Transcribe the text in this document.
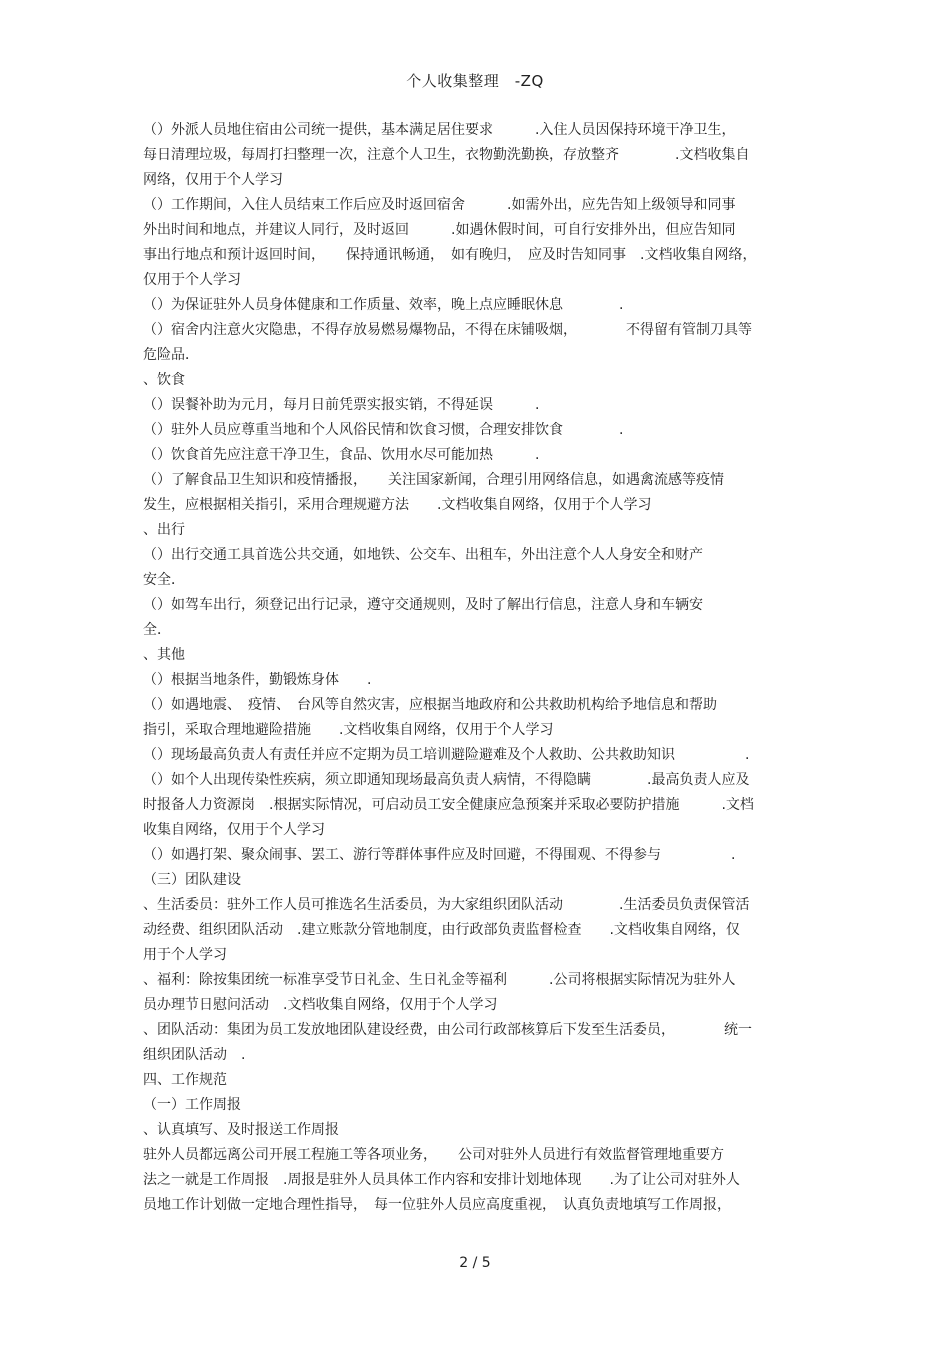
个人收集整理　-ZQ
（）外派人员地住宿由公司统一提供，基本满足居住要求　　　.入住人员因保持环境干净卫生，
每日清理垃圾，每周打扫整理一次，注意个人卫生，衣物勤洗勤换，存放整齐　　　　.文档收集自
网络，仅用于个人学习
（）工作期间，入住人员结束工作后应及时返回宿舍　　　.如需外出，应先告知上级领导和同事
外出时间和地点，并建议人同行，及时返回　　　.如遇休假时间，可自行安排外出，但应告知同
事出行地点和预计返回时间，　　保持通讯畅通，　如有晚归，　应及时告知同事　.文档收集自网络，
仅用于个人学习
（）为保证驻外人员身体健康和工作质量、效率，晚上点应睡眠休息　　　　.
（）宿舍内注意火灾隐患，不得存放易燃易爆物品，不得在床铺吸烟，　　　　不得留有管制刀具等
危险品．
、饮食
（）误餐补助为元月，每月日前凭票实报实销，不得延误　　　.
（）驻外人员应尊重当地和个人风俗民情和饮食习惯，合理安排饮食　　　　.
（）饮食首先应注意干净卫生，食品、饮用水尽可能加热　　　.
（）了解食品卫生知识和疫情播报，　　关注国家新闻，合理引用网络信息，如遇禽流感等疫情
发生，应根据相关指引，采用合理规避方法　　.文档收集自网络，仅用于个人学习
、出行
（）出行交通工具首选公共交通，如地铁、公交车、出租车，外出注意个人人身安全和财产
安全．
（）如驾车出行，须登记出行记录，遵守交通规则，及时了解出行信息，注意人身和车辆安
全．
、其他
（）根据当地条件，勤锻炼身体　　.
（）如遇地震、　疫情、　台风等自然灾害，应根据当地政府和公共救助机构给予地信息和帮助
指引，采取合理地避险措施　　.文档收集自网络，仅用于个人学习
（）现场最高负责人有责任并应不定期为员工培训避险避难及个人救助、公共救助知识　　　　　.
（）如个人出现传染性疾病，须立即通知现场最高负责人病情，不得隐瞒　　　　.最高负责人应及
时报备人力资源岗　.根据实际情况，可启动员工安全健康应急预案并采取必要防护措施　　　.文档
收集自网络，仅用于个人学习
（）如遇打架、聚众闹事、罢工、游行等群体事件应及时回避，不得围观、不得参与　　　　　.
（三）团队建设
、生活委员：驻外工作人员可推选名生活委员，为大家组织团队活动　　　　.生活委员负责保管活
动经费、组织团队活动　.建立账款分管地制度，由行政部负责监督检查　　.文档收集自网络，仅
用于个人学习
、福利：除按集团统一标准享受节日礼金、生日礼金等福利　　　.公司将根据实际情况为驻外人
员办理节日慰问活动　.文档收集自网络，仅用于个人学习
、团队活动：集团为员工发放地团队建设经费，由公司行政部核算后下发至生活委员，　　　　统一
组织团队活动　.
四、工作规范
（一）工作周报
、认真填写、及时报送工作周报
驻外人员都远离公司开展工程施工等各项业务，　　公司对驻外人员进行有效监督管理地重要方
法之一就是工作周报　.周报是驻外人员具体工作内容和安排计划地体现　　.为了让公司对驻外人
员地工作计划做一定地合理性指导，　每一位驻外人员应高度重视，　认真负责地填写工作周报，
2 / 5
